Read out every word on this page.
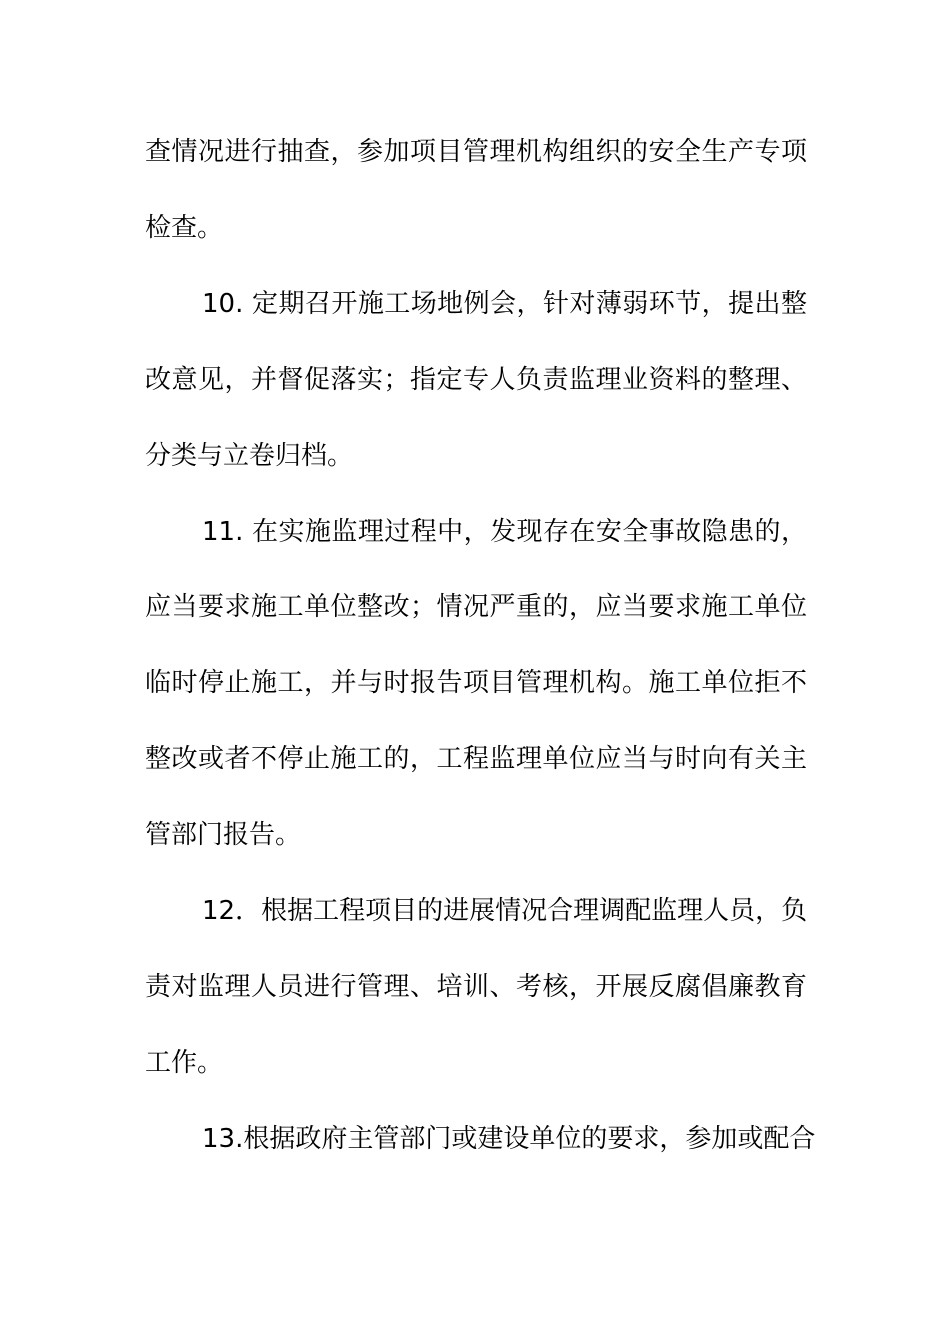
查情况进行抽查，参加项目管理机构组织的安全生产专项
检查。
10. 定期召开施工场地例会，针对薄弱环节，提出整
改意见，并督促落实；指定专人负责监理业资料的整理、
分类与立卷归档。
11. 在实施监理过程中，发现存在安全事故隐患的，
应当要求施工单位整改；情况严重的，应当要求施工单位
临时停止施工，并与时报告项目管理机构。施工单位拒不
整改或者不停止施工的，工程监理单位应当与时向有关主
管部门报告。
12．根据工程项目的进展情况合理调配监理人员，负
责对监理人员进行管理、培训、考核，开展反腐倡廉教育
工作。
13.根据政府主管部门或建设单位的要求，参加或配合
